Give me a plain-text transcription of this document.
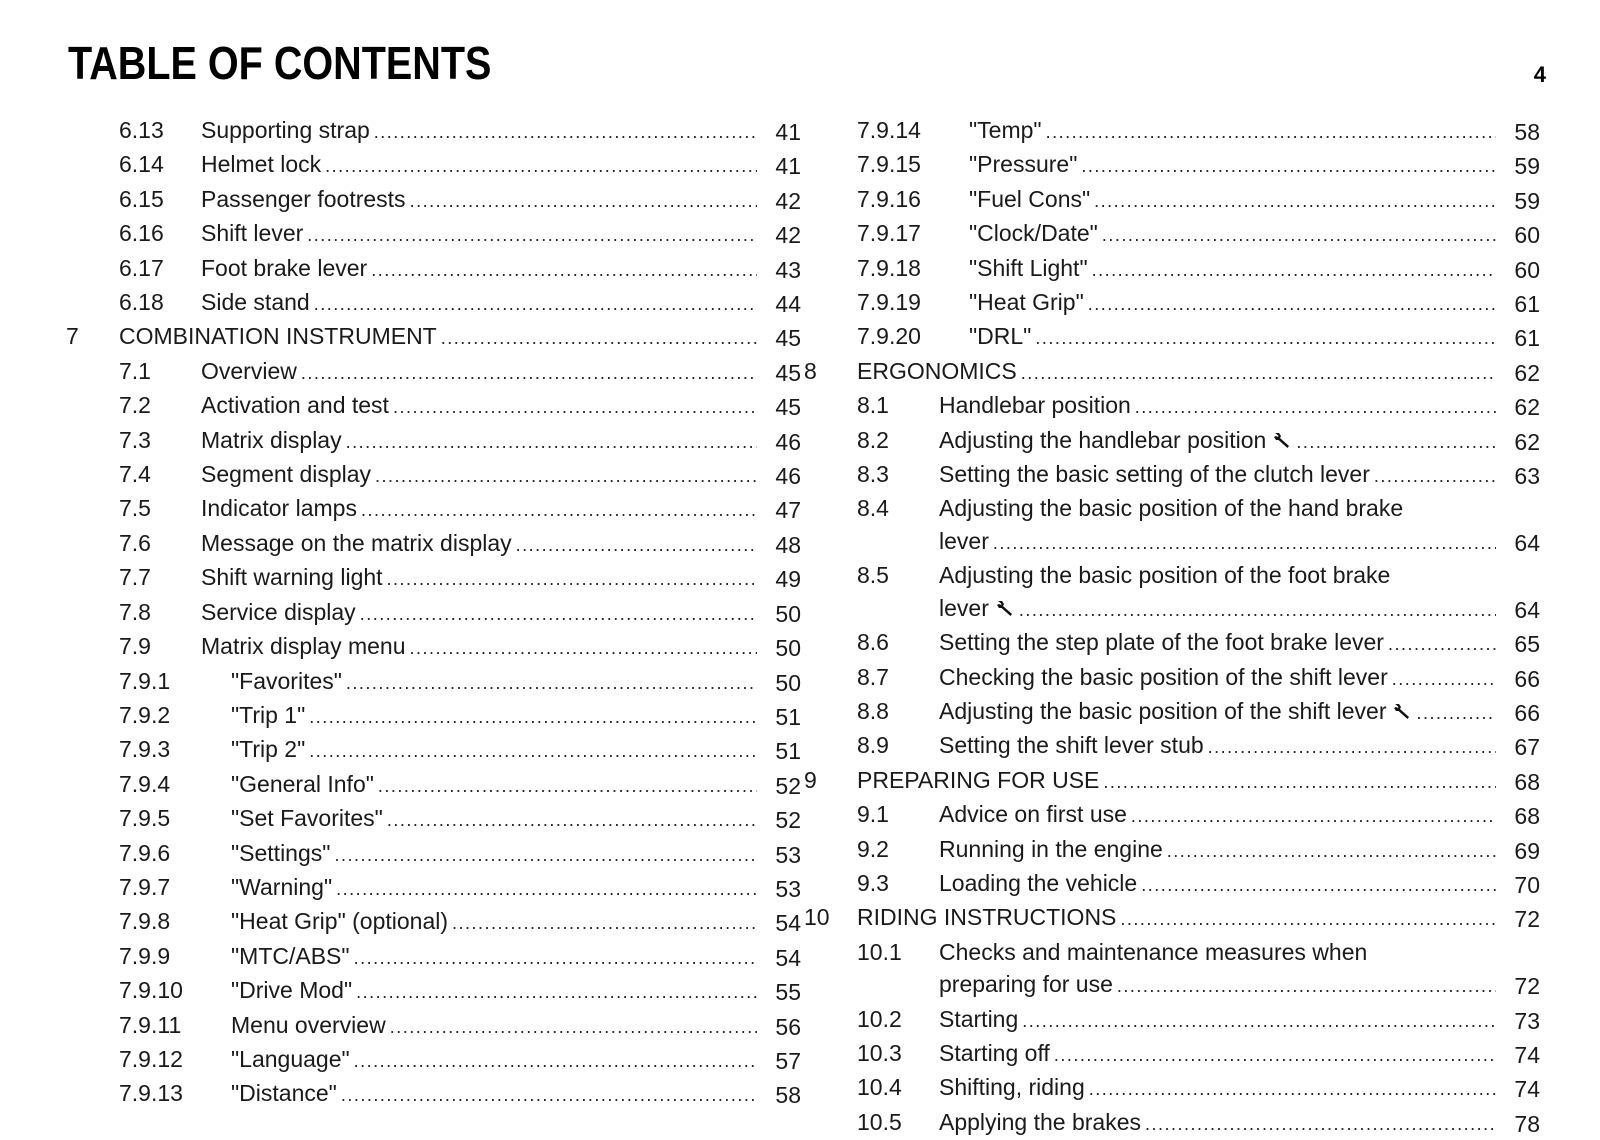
TABLE OF CONTENTS	4
6.13	Supporting strap .....	41
6.14	Helmet lock .....	41
6.15	Passenger footrests .....	42
6.16	Shift lever .....	42
6.17	Foot brake lever .....	43
6.18	Side stand .....	44
7	COMBINATION INSTRUMENT .....	45
7.1	Overview .....	45
7.2	Activation and test .....	45
7.3	Matrix display .....	46
7.4	Segment display .....	46
7.5	Indicator lamps .....	47
7.6	Message on the matrix display .....	48
7.7	Shift warning light .....	49
7.8	Service display .....	50
7.9	Matrix display menu .....	50
7.9.1	"Favorites" .....	50
7.9.2	"Trip 1" .....	51
7.9.3	"Trip 2" .....	51
7.9.4	"General Info" .....	52
7.9.5	"Set Favorites" .....	52
7.9.6	"Settings" .....	53
7.9.7	"Warning" .....	53
7.9.8	"Heat Grip" (optional) .....	54
7.9.9	"MTC/ABS" .....	54
7.9.10	"Drive Mod" .....	55
7.9.11	Menu overview .....	56
7.9.12	"Language" .....	57
7.9.13	"Distance" .....	58
7.9.14	"Temp" .....	58
7.9.15	"Pressure" .....	59
7.9.16	"Fuel Cons" .....	59
7.9.17	"Clock/Date" .....	60
7.9.18	"Shift Light" .....	60
7.9.19	"Heat Grip" .....	61
7.9.20	"DRL" .....	61
8	ERGONOMICS .....	62
8.1	Handlebar position .....	62
8.2	Adjusting the handlebar position .....	62
8.3	Setting the basic setting of the clutch lever .....	63
8.4	Adjusting the basic position of the hand brake
lever .....	64
8.5	Adjusting the basic position of the foot brake
lever .....	64
8.6	Setting the step plate of the foot brake lever .....	65
8.7	Checking the basic position of the shift lever .....	66
8.8	Adjusting the basic position of the shift lever .....	66
8.9	Setting the shift lever stub .....	67
9	PREPARING FOR USE .....	68
9.1	Advice on first use .....	68
9.2	Running in the engine .....	69
9.3	Loading the vehicle .....	70
10	RIDING INSTRUCTIONS .....	72
10.1	Checks and maintenance measures when
preparing for use .....	72
10.2	Starting .....	73
10.3	Starting off .....	74
10.4	Shifting, riding .....	74
10.5	Applying the brakes .....	78
